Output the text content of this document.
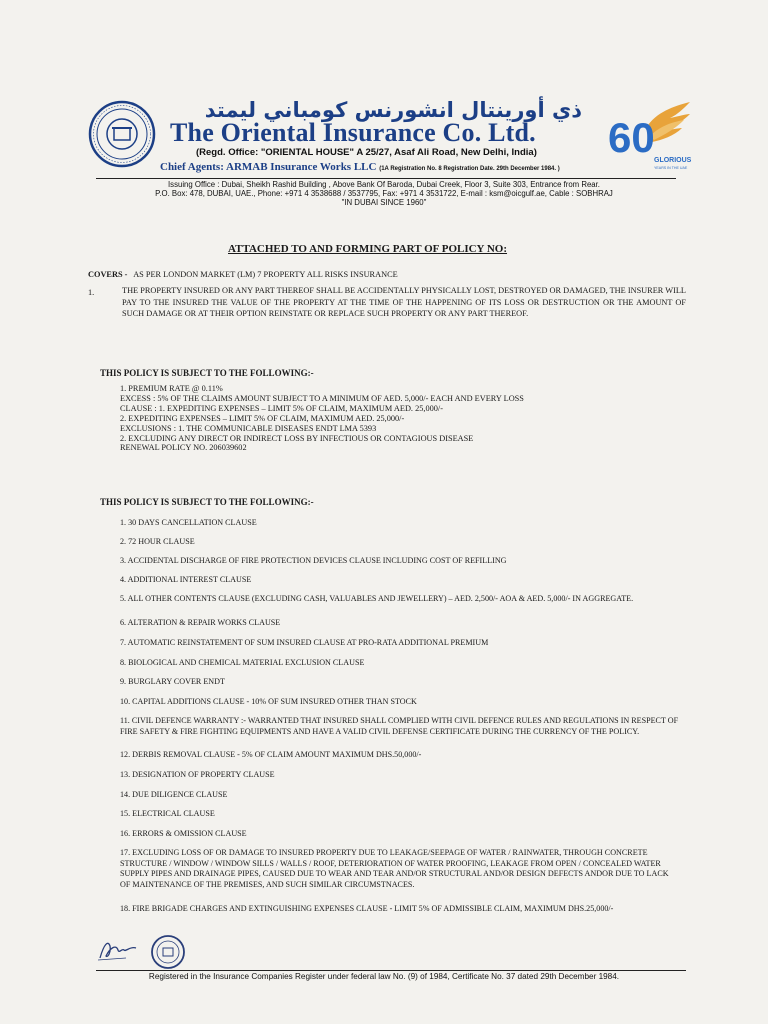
ذي أورينتال انشورنس كومباني ليمتد
The Oriental Insurance Co. Ltd.
(Regd. Office: "ORIENTAL HOUSE" A 25/27, Asaf Ali Road, New Delhi, India)
Chief Agents: ARMAB Insurance Works LLC (1A Registration No. 8 Registration Date. 29th December 1984. )
60 GLORIOUS
YEARS IN THE UAE
Issuing Office : Dubai, Sheikh Rashid Building , Above Bank Of Baroda, Dubai Creek, Floor 3, Suite 303, Entrance from Rear.
P.O. Box: 478, DUBAI, UAE., Phone: +971 4 3538688 / 3537795, Fax: +971 4 3531722, E-mail : ksm@oicgulf.ae, Cable : SOBHRAJ
"IN DUBAI SINCE 1960"
ATTACHED TO AND FORMING PART OF POLICY NO:
COVERS - AS PER LONDON MARKET (LM) 7 PROPERTY ALL RISKS INSURANCE
1.	THE PROPERTY INSURED OR ANY PART THEREOF SHALL BE ACCIDENTALLY PHYSICALLY LOST, DESTROYED OR DAMAGED, THE INSURER WILL PAY TO THE INSURED THE VALUE OF THE PROPERTY AT THE TIME OF THE HAPPENING OF ITS LOSS OR DESTRUCTION OR THE AMOUNT OF SUCH DAMAGE OR AT THEIR OPTION REINSTATE OR REPLACE SUCH PROPERTY OR ANY PART THEREOF.
THIS POLICY IS SUBJECT TO THE FOLLOWING:-
1. PREMIUM RATE @ 0.11%
EXCESS : 5% OF THE CLAIMS AMOUNT SUBJECT TO A MINIMUM OF AED. 5,000/- EACH AND EVERY LOSS
CLAUSE : 1. EXPEDITING EXPENSES – LIMIT 5% OF CLAIM, MAXIMUM AED. 25,000/-
2. EXPEDITING EXPENSES – LIMIT 5% OF CLAIM, MAXIMUM AED. 25,000/-
EXCLUSIONS : 1. THE COMMUNICABLE DISEASES ENDT LMA 5393
2. EXCLUDING ANY DIRECT OR INDIRECT LOSS BY INFECTIOUS OR CONTAGIOUS DISEASE
RENEWAL POLICY NO. 206039602
THIS POLICY IS SUBJECT TO THE FOLLOWING:-
1. 30 DAYS CANCELLATION CLAUSE
2. 72 HOUR CLAUSE
3. ACCIDENTAL DISCHARGE OF FIRE PROTECTION DEVICES CLAUSE INCLUDING COST OF REFILLING
4. ADDITIONAL INTEREST CLAUSE
5. ALL OTHER CONTENTS CLAUSE (EXCLUDING CASH, VALUABLES AND JEWELLERY) – AED. 2,500/- AOA & AED. 5,000/- IN AGGREGATE.
6. ALTERATION & REPAIR WORKS CLAUSE
7. AUTOMATIC REINSTATEMENT OF SUM INSURED CLAUSE AT PRO-RATA ADDITIONAL PREMIUM
8. BIOLOGICAL AND CHEMICAL MATERIAL EXCLUSION CLAUSE
9. BURGLARY COVER ENDT
10. CAPITAL ADDITIONS CLAUSE - 10% OF SUM INSURED OTHER THAN STOCK
11. CIVIL DEFENCE WARRANTY :- WARRANTED THAT INSURED SHALL COMPLIED WITH CIVIL DEFENCE RULES AND REGULATIONS IN RESPECT OF FIRE SAFETY & FIRE FIGHTING EQUIPMENTS AND HAVE A VALID CIVIL DEFENSE CERTIFICATE DURING THE CURRENCY OF THE POLICY.
12. DERBIS REMOVAL CLAUSE - 5% OF CLAIM AMOUNT MAXIMUM DHS.50,000/-
13. DESIGNATION OF PROPERTY CLAUSE
14. DUE DILIGENCE CLAUSE
15. ELECTRICAL CLAUSE
16. ERRORS & OMISSION CLAUSE
17. EXCLUDING LOSS OF OR DAMAGE TO INSURED PROPERTY DUE TO LEAKAGE/SEEPAGE OF WATER / RAINWATER, THROUGH CONCRETE STRUCTURE / WINDOW / WINDOW SILLS / WALLS / ROOF, DETERIORATION OF WATER PROOFING, LEAKAGE FROM OPEN / CONCEALED WATER SUPPLY PIPES AND DRAINAGE PIPES, CAUSED DUE TO WEAR AND TEAR AND/OR STRUCTURAL AND/OR DESIGN DEFECTS ANDOR DUE TO LACK OF MAINTENANCE OF THE PREMISES, AND SUCH SIMILAR CIRCUMSTNACES.
18. FIRE BRIGADE CHARGES AND EXTINGUISHING EXPENSES CLAUSE - LIMIT 5% OF ADMISSIBLE CLAIM, MAXIMUM DHS.25,000/-
Registered in the Insurance Companies Register under federal law No. (9) of 1984, Certificate No. 37 dated 29th December 1984.
